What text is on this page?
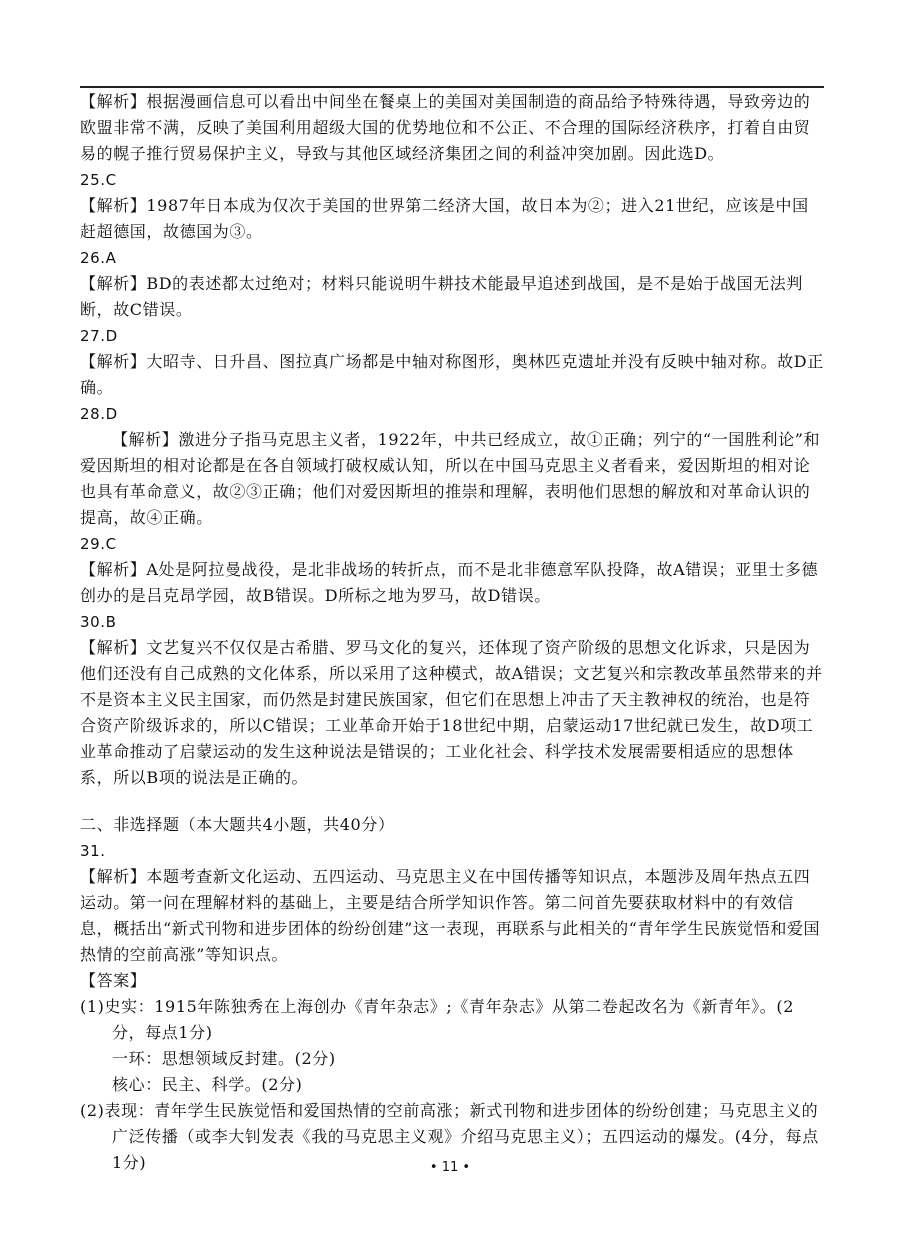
【解析】根据漫画信息可以看出中间坐在餐桌上的美国对美国制造的商品给予特殊待遇，导致旁边的欧盟非常不满，反映了美国利用超级大国的优势地位和不公正、不合理的国际经济秩序，打着自由贸易的幌子推行贸易保护主义，导致与其他区域经济集团之间的利益冲突加剧。因此选D。

25.C

【解析】1987年日本成为仅次于美国的世界第二经济大国，故日本为②；进入21世纪，应该是中国赶超德国，故德国为③。

26.A

【解析】BD的表述都太过绝对；材料只能说明牛耕技术能最早追述到战国，是不是始于战国无法判断，故C错误。

27.D

【解析】大昭寺、日升昌、图拉真广场都是中轴对称图形，奥林匹克遗址并没有反映中轴对称。故D正确。

28.D

【解析】激进分子指马克思主义者，1922年，中共已经成立，故①正确；列宁的“一国胜利论”和爱因斯坦的相对论都是在各自领域打破权威认知，所以在中国马克思主义者看来，爱因斯坦的相对论也具有革命意义，故②③正确；他们对爱因斯坦的推崇和理解，表明他们思想的解放和对革命认识的提高，故④正确。

29.C

【解析】A处是阿拉曼战役，是北非战场的转折点，而不是北非德意军队投降，故A错误；亚里士多德创办的是吕克昂学园，故B错误。D所标之地为罗马，故D错误。

30.B

【解析】文艺复兴不仅仅是古希腊、罗马文化的复兴，还体现了资产阶级的思想文化诉求，只是因为他们还没有自己成熟的文化体系，所以采用了这种模式，故A错误；文艺复兴和宗教改革虽然带来的并不是资本主义民主国家，而仍然是封建民族国家，但它们在思想上冲击了天主教神权的统治，也是符合资产阶级诉求的，所以C错误；工业革命开始于18世纪中期，启蒙运动17世纪就已发生，故D项工业革命推动了启蒙运动的发生这种说法是错误的；工业化社会、科学技术发展需要相适应的思想体系，所以B项的说法是正确的。

二、非选择题（本大题共4小题，共40分）

31.

【解析】本题考查新文化运动、五四运动、马克思主义在中国传播等知识点，本题涉及周年热点五四运动。第一问在理解材料的基础上，主要是结合所学知识作答。第二问首先要获取材料中的有效信息，概括出“新式刊物和进步团体的纷纷创建”这一表现，再联系与此相关的“青年学生民族觉悟和爱国热情的空前高涨”等知识点。

【答案】

(1)史实：1915年陈独秀在上海创办《青年杂志》;《青年杂志》从第二卷起改名为《新青年》。(2分，每点1分)

一环：思想领域反封建。(2分)

核心：民主、科学。(2分)

(2)表现：青年学生民族觉悟和爱国热情的空前高涨；新式刊物和进步团体的纷纷创建；马克思主义的广泛传播（或李大钊发表《我的马克思主义观》介绍马克思主义）；五四运动的爆发。(4分，每点1分)	• 11 •
